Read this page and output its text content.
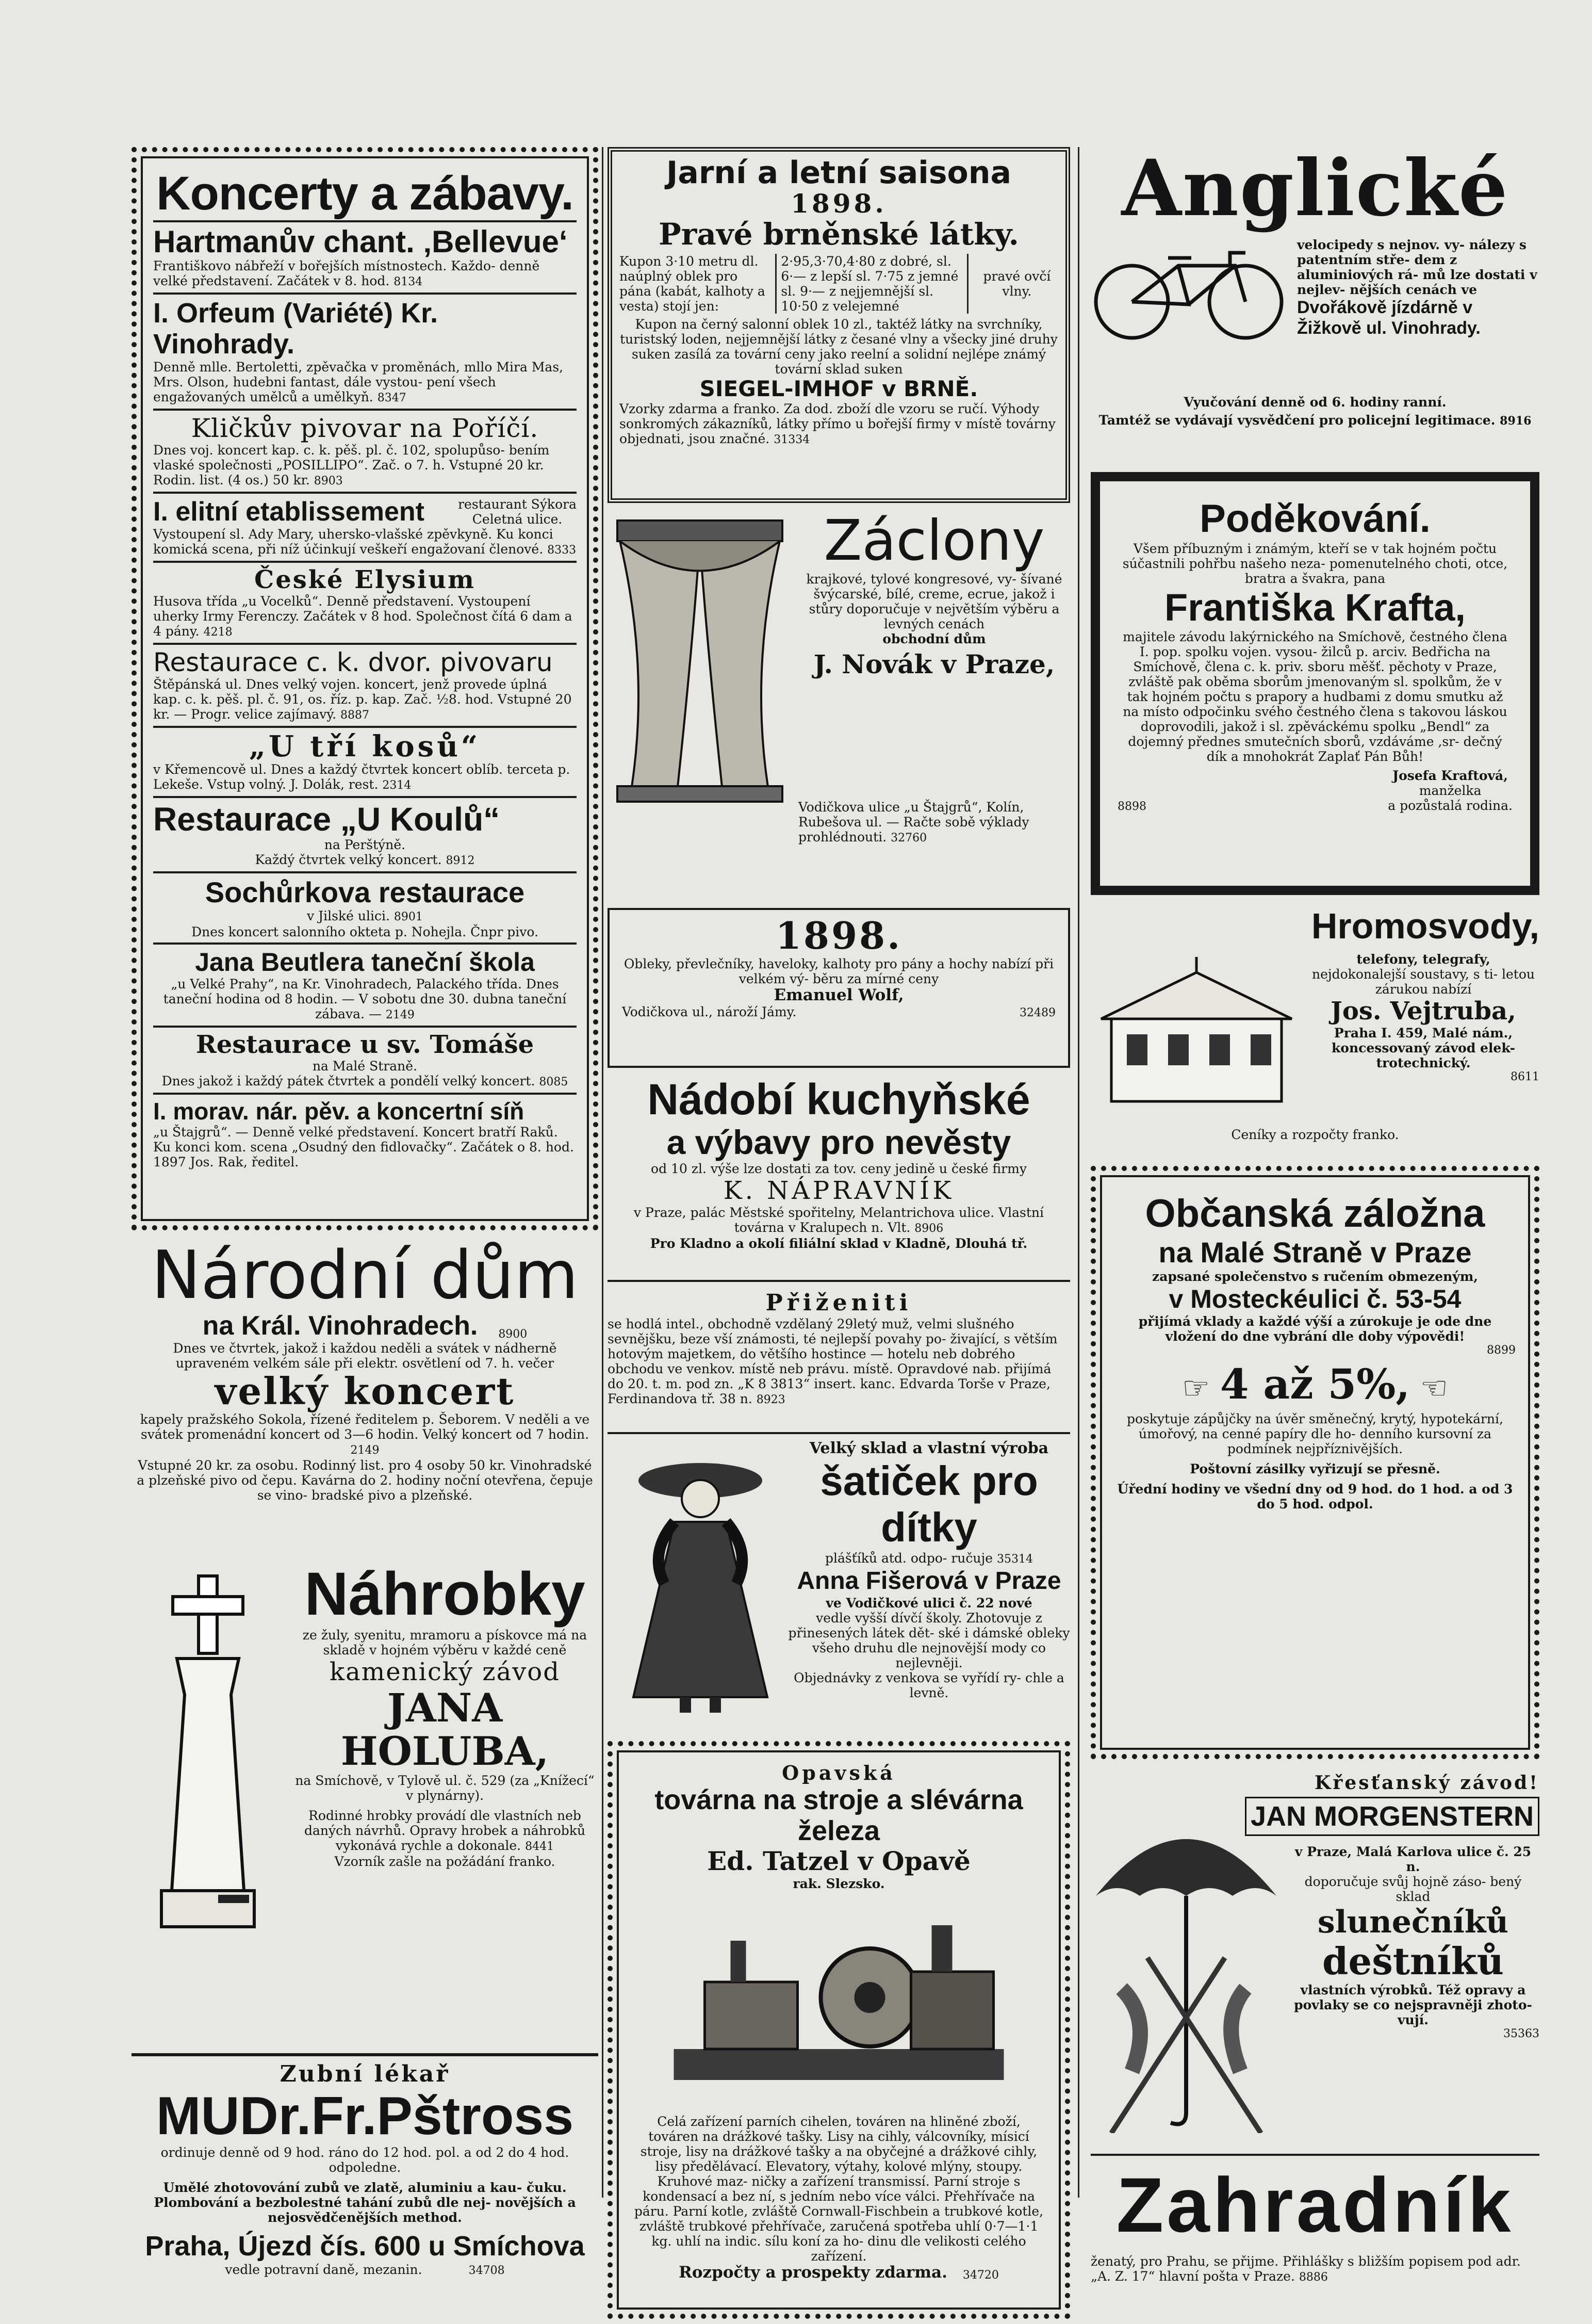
Koncerty a zábavy.
Hartmanův chant. ‚Bellevue‘
Františkovo nábřeží v bořejších místnostech. Každo- denně velké představení. Začátek v 8. hod. 8134
I. Orfeum (Variété) Kr. Vinohrady.
Denně mlle. Bertoletti, zpěvačka v proměnách, mllo Mira Mas, Mrs. Olson, hudebni fantast, dále vystou- pení všech engažovaných umělců a umělkyň. 8347
Kličkův pivovar na Poříčí.
Dnes voj. koncert kap. c. k. pěš. pl. č. 102, spolupůso- bením vlaské společnosti „POSILLIPO“. Zač. o 7. h. Vstupné 20 kr. Rodin. list. (4 os.) 50 kr. 8903
I. elitní etablissement	restaurant Sýkora
Celetná ulice.
Vystoupení sl. Ady Mary, uhersko-vlašské zpěvkyně. Ku konci komická scena, při níž účinkují veškeří engažovaní členové. 8333
České Elysium
Husova třída „u Vocelků“. Denně představení. Vystoupení uherky Irmy Ferenczy. Začátek v 8 hod. Společnost čítá 6 dam a 4 pány. 4218
Restaurace c. k. dvor. pivovaru
Štěpánská ul. Dnes velký vojen. koncert, jenž provede úplná kap. c. k. pěš. pl. č. 91, os. říz. p. kap. Zač. ½8. hod. Vstupné 20 kr. — Progr. velice zajímavý. 8887
„U tří kosů“
v Křemencově ul. Dnes a každý čtvrtek koncert oblíb. terceta p. Lekeše. Vstup volný. J. Dolák, rest. 2314
Restaurace „U Koulů“
na Perštýně.
Každý čtvrtek velký koncert. 8912
Sochůrkova restaurace
v Jilské ulici. 8901
Dnes koncert salonního okteta p. Nohejla. Čnpr pivo.
Jana Beutlera taneční škola
„u Velké Prahy“, na Kr. Vinohradech, Palackého třída. Dnes taneční hodina od 8 hodin. — V sobotu dne 30. dubna taneční zábava. — 2149
Restaurace u sv. Tomáše
na Malé Straně.
Dnes jakož i každý pátek čtvrtek a pondělí velký koncert. 8085
I. morav. nár. pěv. a koncertní síň
„u Štajgrů“. — Denně velké představení. Koncert bratří Raků. Ku konci kom. scena „Osudný den fidlovačky“. Začátek o 8. hod. 1897 Jos. Rak, ředitel.
Národní dům
na Král. Vinohradech. 8900
Dnes ve čtvrtek, jakož i každou neděli a svátek v nádherně upraveném velkém sále při elektr. osvětlení od 7. h. večer
velký koncert
kapely pražského Sokola, řízené ředitelem p. Šeborem. V neděli a ve svátek promenádní koncert od 3—6 hodin. Velký koncert od 7 hodin. 2149
Vstupné 20 kr. za osobu. Rodinný list. pro 4 osoby 50 kr. Vinohradské a plzeňské pivo od čepu. Kavárna do 2. hodiny noční otevřena, čepuje se vino- bradské pivo a plzeňské.
Náhrobky
ze žuly, syenitu, mramoru a pískovce má na skladě v hojném výběru v každé ceně
kamenický závod
JANA HOLUBA,
na Smíchově, v Tylově ul. č. 529 (za „Knížecí“ v plynárny).
Rodinné hrobky provádí dle vlastních neb daných návrhů. Opravy hrobek a náhrobků vykonává rychle a dokonale. 8441
Vzorník zašle na požádání franko.
Zubní lékař
MUDr.Fr.Pštross
ordinuje denně od 9 hod. ráno do 12 hod. pol. a od 2 do 4 hod. odpoledne.
Umělé zhotovování zubů ve zlatě, aluminiu a kau- čuku. Plombování a bezbolestné tahání zubů dle nej- novějších a nejosvědčenějších method.
Praha, Újezd čís. 600 u Smíchova
vedle potravní daně, mezanin.	34708
Jarní a letní saisona
1898.
Pravé brněnské látky.
Kupon 3·10 metru dl. naúplný oblek pro pána (kabát, kalhoty a vesta) stojí jen:
2·95,3·70,4·80 z dobré, sl. 6·— z lepší sl. 7·75 z jemné sl. 9·— z nejjemnější sl. 10·50 z velejemné
pravé ovčí vlny.
Kupon na černý salonní oblek 10 zl., taktéž látky na svrchníky, turistský loden, nejjemnější látky z česané vlny a všecky jiné druhy suken zasílá za tovární ceny jako reelní a solidní nejlépe známý tovární sklad suken
SIEGEL-IMHOF v BRNĚ.
Vzorky zdarma a franko. Za dod. zboží dle vzoru se ručí. Výhody sonkromých zákazníků, látky přímo u bořejší firmy v místě továrny objednati, jsou značné. 31334
Záclony
krajkové, tylové kongresové, vy- šívané švýcarské, bílé, creme, ecrue, jakož i stůry doporučuje v největším výběru a levných cenách
obchodní dům
J. Novák v Praze,
Vodičkova ulice „u Štajgrů“, Kolín, Rubešova ul. — Račte sobě výklady prohlédnouti. 32760
1898.
Obleky, převlečníky, haveloky, kalhoty pro pány a hochy nabízí při velkém vý- běru za mírné ceny
Emanuel Wolf,
Vodičkova ul., nároží Jámy.	32489
Nádobí kuchyňské
a výbavy pro nevěsty
od 10 zl. výše lze dostati za tov. ceny jedině u české firmy
K. NÁPRAVNÍK
v Praze, palác Městské spořitelny, Melantrichova ulice. Vlastní továrna v Kralupech n. Vlt. 8906
Pro Kladno a okolí filiální sklad v Kladně, Dlouhá tř.
Přiženiti
se hodlá intel., obchodně vzdělaný 29letý muž, velmi slušného sevnějšku, beze vší známosti, té nejlepší povahy po- živající, s větším hotovým majetkem, do většího hostince — hotelu neb dobrého obchodu ve venkov. místě neb právu. místě. Opravdové nab. přijímá do 20. t. m. pod zn. „K 8 3813“ insert. kanc. Edvarda Torše v Praze, Ferdinandova tř. 38 n. 8923
Velký sklad a vlastní výroba
šatiček pro dítky
plášťíků atd. odpo- ručuje 35314
Anna Fišerová v Praze
ve Vodičkové ulici č. 22 nové
vedle vyšší dívčí školy. Zhotovuje z přinesených látek dět- ské i dámské obleky všeho druhu dle nejnovější mody co nejlevněji.
Objednávky z venkova se vyřídí ry- chle a levně.
Opavská
továrna na stroje a slévárna železa
Ed. Tatzel v Opavě
rak. Slezsko.
Celá zařízení parních cihelen, továren na hliněné zboží, továren na drážkové tašky. Lisy na cihly, válcovníky, mísicí stroje, lisy na drážkové tašky a na obyčejné a drážkové cihly, lisy předělávací. Elevatory, výtahy, kolové mlýny, stoupy. Kruhové maz- ničky a zařízení transmissí. Parní stroje s kondensací a bez ní, s jedním nebo více válci. Přehřívače na páru. Parní kotle, zvláště Cornwall-Fischbein a trubkové kotle, zvláště trubkové přehřívače, zaručená spotřeba uhlí 0·7—1·1 kg. uhlí na indic. sílu koní za ho- dinu dle velikosti celého zařízení.
Rozpočty a prospekty zdarma. 34720
Anglické
velocipedy s nejnov. vy- nálezy s patentním stře- dem z aluminiových rá- mů lze dostati v nejlev- nějších cenách ve
Dvořákově jízdárně v Žižkově ul. Vinohrady.
Vyučování denně od 6. hodiny ranní.
Tamtéž se vydávají vysvědčení pro policejní legitimace. 8916
Poděkování.
Všem příbuzným i známým, kteří se v tak hojném počtu súčastnili pohřbu našeho neza- pomenutelného choti, otce, bratra a švakra, pana
Františka Krafta,
majitele závodu lakýrnického na Smíchově, čestného člena I. pop. spolku vojen. vysou- žilců p. arciv. Bedřicha na Smíchově, člena c. k. priv. sboru měšť. pěchoty v Praze, zvláště pak oběma sborům jmenovaným sl. spolkům, že v tak hojném počtu s prapory a hudbami z domu smutku až na místo odpočinku svého čestného člena s takovou láskou doprovodili, jakož i sl. zpěváckému spolku „Bendl“ za dojemný přednes smutečních sborů, vzdáváme ,sr- dečný dík a mnohokrát Zaplať Pán Bůh!
8898
Josefa Kraftová,
manželka
a pozůstalá rodina.
Hromosvody,
telefony, telegrafy,
nejdokonalejší soustavy, s ti- letou zárukou nabízí
Jos. Vejtruba,
Praha I. 459, Malé nám., koncessovaný závod elek- trotechnický.
8611
Ceníky a rozpočty franko.
Občanská záložna
na Malé Straně v Praze
zapsané společenstvo s ručením obmezeným,
v Mosteckéulici č. 53-54
přijímá vklady a každé výší a zúrokuje je ode dne vložení do dne vybrání dle doby výpovědi!
8899
☞ 4 až 5%, ☞
poskytuje zápůjčky na úvěr směnečný, krytý, hypotekární, úmořový, na cenné papíry dle ho- denního kursovní za podmínek nejpříznivějších.
Poštovní zásilky vyřizují se přesně.
Úřední hodiny ve všední dny od 9 hod. do 1 hod. a od 3 do 5 hod. odpol.
Křesťanský závod!
JAN MORGENSTERN
v Praze, Malá Karlova ulice č. 25 n.
doporučuje svůj hojně záso- bený sklad
slunečníků
deštníků
vlastních výrobků. Též opravy a povlaky se co nejspravněji zhoto- vují.
35363
Zahradník
ženatý, pro Prahu, se přijme. Přihlášky s bližším popisem pod adr. „A. Z. 17“ hlavní pošta v Praze. 8886
